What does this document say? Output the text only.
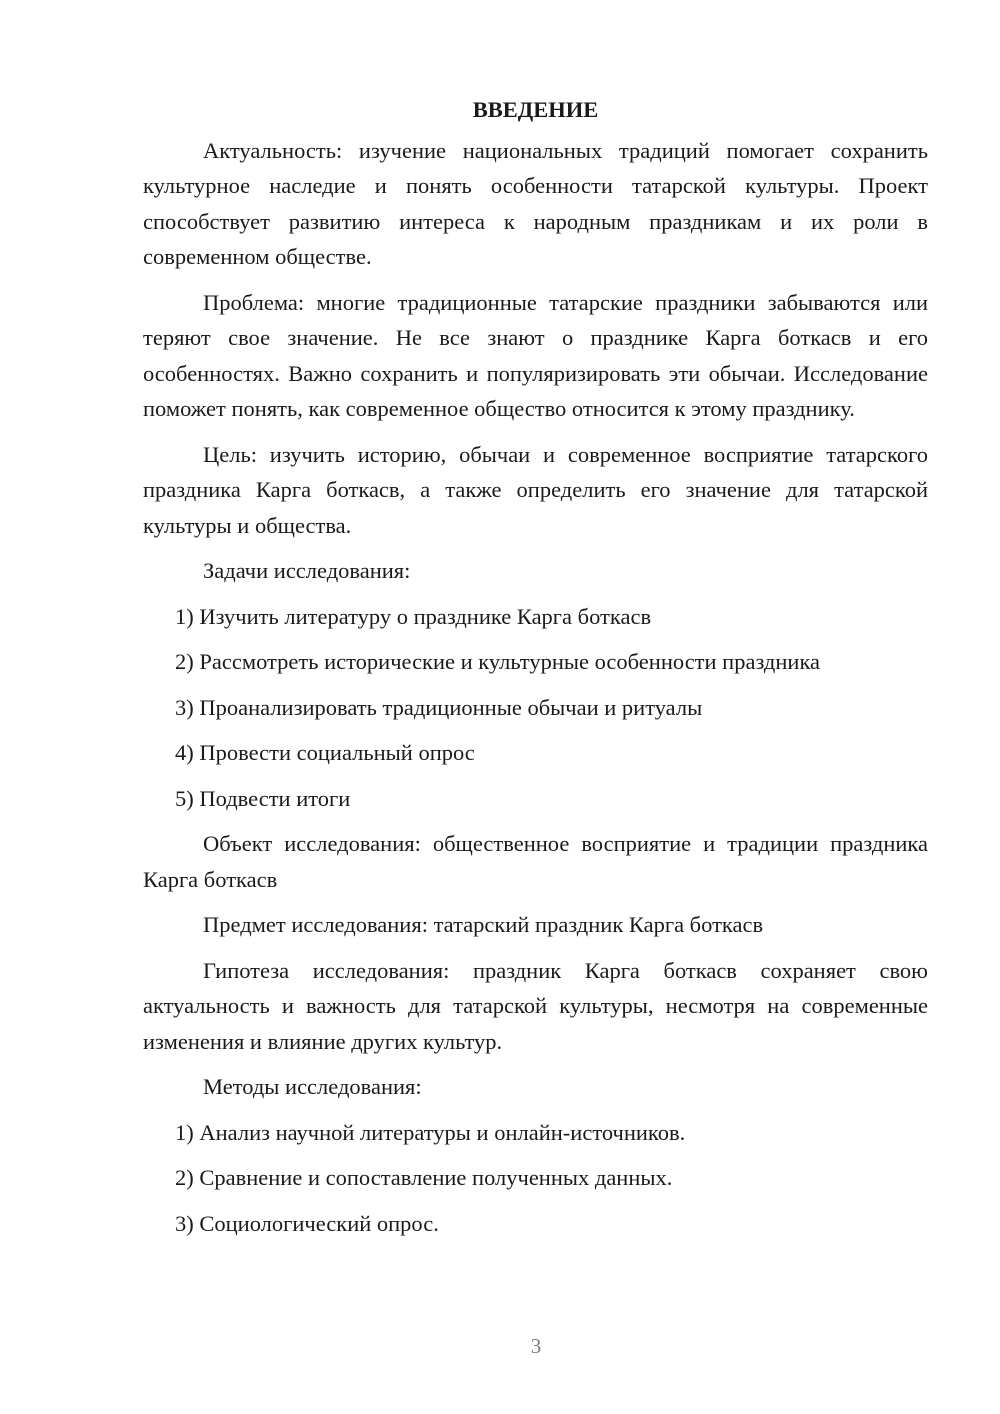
ВВЕДЕНИЕ

Актуальность: изучение национальных традиций помогает сохранить культурное наследие и понять особенности татарской культуры. Проект способствует развитию интереса к народным праздникам и их роли в современном обществе.

Проблема: многие традиционные татарские праздники забываются или теряют свое значение. Не все знают о празднике Карга боткасв и его особенностях. Важно сохранить и популяризировать эти обычаи. Исследование поможет понять, как современное общество относится к этому празднику.

Цель: изучить историю, обычаи и современное восприятие татарского праздника Карга боткасв, а также определить его значение для татарской культуры и общества.

Задачи исследования:

1) Изучить литературу о празднике Карга боткасв
2) Рассмотреть исторические и культурные особенности праздника
3) Проанализировать традиционные обычаи и ритуалы
4) Провести социальный опрос
5) Подвести итоги

Объект исследования: общественное восприятие и традиции праздника Карга боткасв

Предмет исследования: татарский праздник Карга боткасв

Гипотеза исследования: праздник Карга боткасв сохраняет свою актуальность и важность для татарской культуры, несмотря на современные изменения и влияние других культур.

Методы исследования:

1) Анализ научной литературы и онлайн-источников.
2) Сравнение и сопоставление полученных данных.
3) Социологический опрос.
3
